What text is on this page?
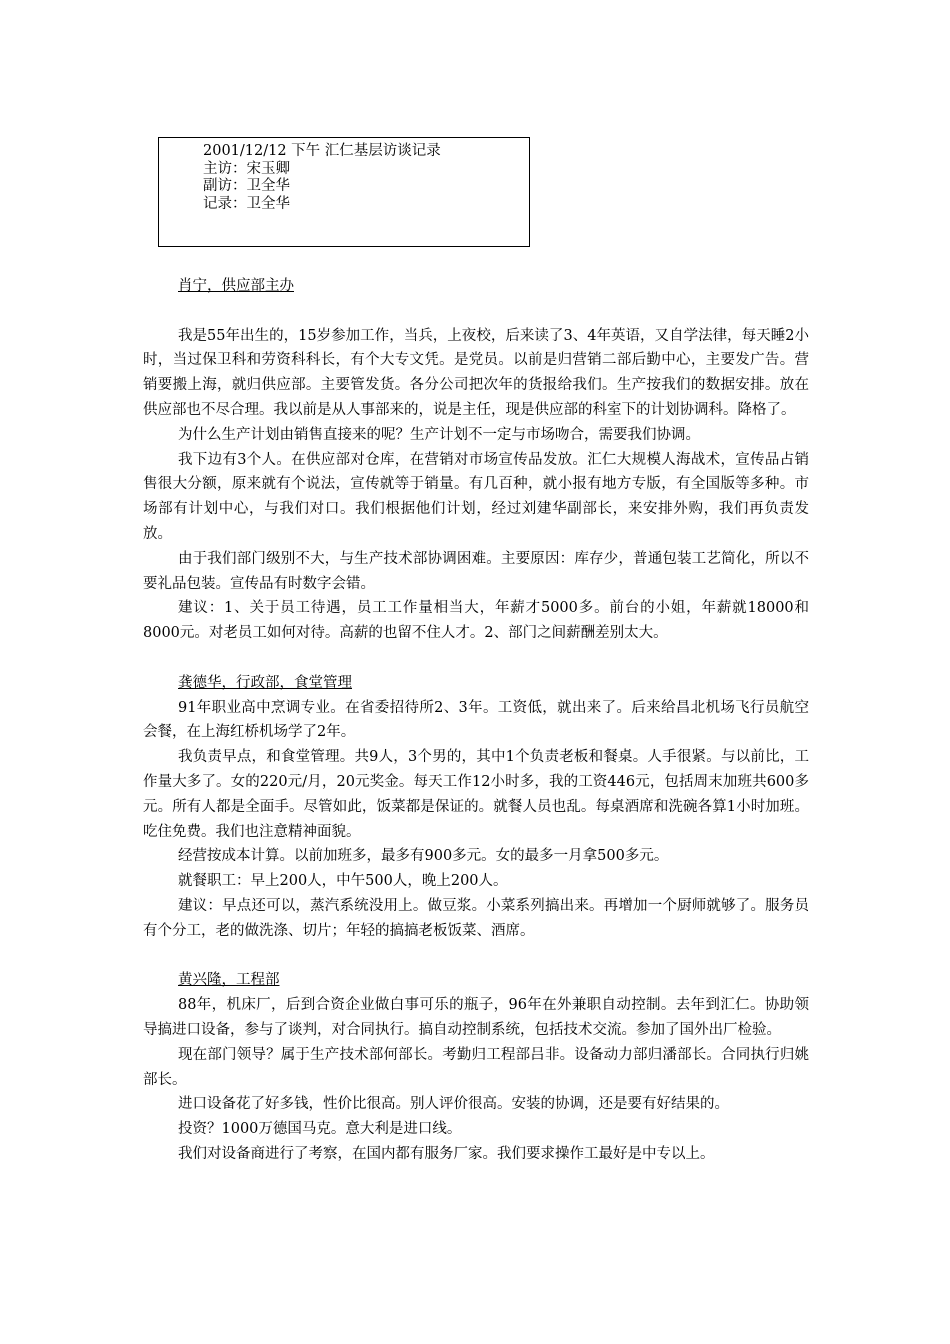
2001/12/12 下午 汇仁基层访谈记录
主访：宋玉卿
副访：卫全华
记录：卫全华

肖宁，供应部主办

我是55年出生的，15岁参加工作，当兵，上夜校，后来读了3、4年英语，又自学法律，每天睡2小时，当过保卫科和劳资科科长，有个大专文凭。是党员。以前是归营销二部后勤中心，主要发广告。营销要搬上海，就归供应部。主要管发货。各分公司把次年的货报给我们。生产按我们的数据安排。放在供应部也不尽合理。我以前是从人事部来的，说是主任，现是供应部的科室下的计划协调科。降格了。

为什么生产计划由销售直接来的呢？生产计划不一定与市场吻合，需要我们协调。

我下边有3个人。在供应部对仓库，在营销对市场宣传品发放。汇仁大规模人海战术，宣传品占销售很大分额，原来就有个说法，宣传就等于销量。有几百种，就小报有地方专版，有全国版等多种。市场部有计划中心，与我们对口。我们根据他们计划，经过刘建华副部长，来安排外购，我们再负责发放。

由于我们部门级别不大，与生产技术部协调困难。主要原因：库存少，普通包装工艺简化，所以不要礼品包装。宣传品有时数字会错。

建议：1、关于员工待遇，员工工作量相当大，年薪才5000多。前台的小姐，年薪就18000和8000元。对老员工如何对待。高薪的也留不住人才。2、部门之间薪酬差别太大。

龚德华，行政部，食堂管理

91年职业高中烹调专业。在省委招待所2、3年。工资低，就出来了。后来给昌北机场飞行员航空会餐，在上海红桥机场学了2年。

我负责早点，和食堂管理。共9人，3个男的，其中1个负责老板和餐桌。人手很紧。与以前比，工作量大多了。女的220元/月，20元奖金。每天工作12小时多，我的工资446元，包括周末加班共600多元。所有人都是全面手。尽管如此，饭菜都是保证的。就餐人员也乱。每桌酒席和洗碗各算1小时加班。吃住免费。我们也注意精神面貌。

经营按成本计算。以前加班多，最多有900多元。女的最多一月拿500多元。

就餐职工：早上200人，中午500人，晚上200人。

建议：早点还可以，蒸汽系统没用上。做豆浆。小菜系列搞出来。再增加一个厨师就够了。服务员有个分工，老的做洗涤、切片；年轻的搞搞老板饭菜、酒席。

黄兴隆，工程部

88年，机床厂，后到合资企业做白事可乐的瓶子，96年在外兼职自动控制。去年到汇仁。协助领导搞进口设备，参与了谈判，对合同执行。搞自动控制系统，包括技术交流。参加了国外出厂检验。

现在部门领导？属于生产技术部何部长。考勤归工程部吕非。设备动力部归潘部长。合同执行归姚部长。

进口设备花了好多钱，性价比很高。别人评价很高。安装的协调，还是要有好结果的。

投资？1000万德国马克。意大利是进口线。

我们对设备商进行了考察，在国内都有服务厂家。我们要求操作工最好是中专以上。
